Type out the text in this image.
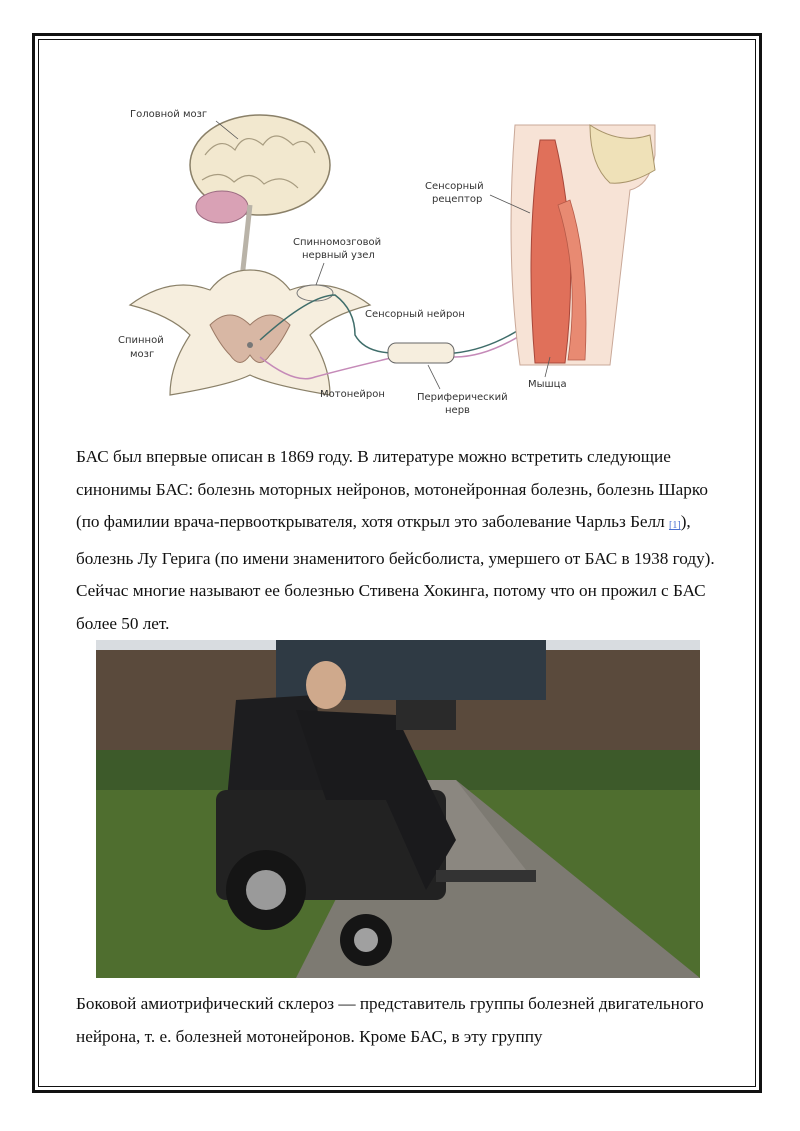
Головной мозг
Спинной
мозг
Спинномозговой
нервный узел
Сенсорный нейрон
Мотонейрон	Периферический
нерв
Сенсорный
рецептор
Мышца

БАС был впервые описан в 1869 году. В литературе можно встретить следующие синонимы БАС: болезнь моторных нейронов, мотонейронная болезнь, болезнь Шарко (по фамилии врача-первооткрывателя, хотя открыл это заболевание Чарльз Белл [1]), болезнь Лу Герига (по имени знаменитого бейсболиста, умершего от БАС в 1938 году). Сейчас многие называют ее болезнью Стивена Хокинга, потому что он прожил с БАС более 50 лет.

Боковой амиотрифический склероз — представитель группы болезней двигательного нейрона, т. е. болезней мотонейронов. Кроме БАС, в эту группу
